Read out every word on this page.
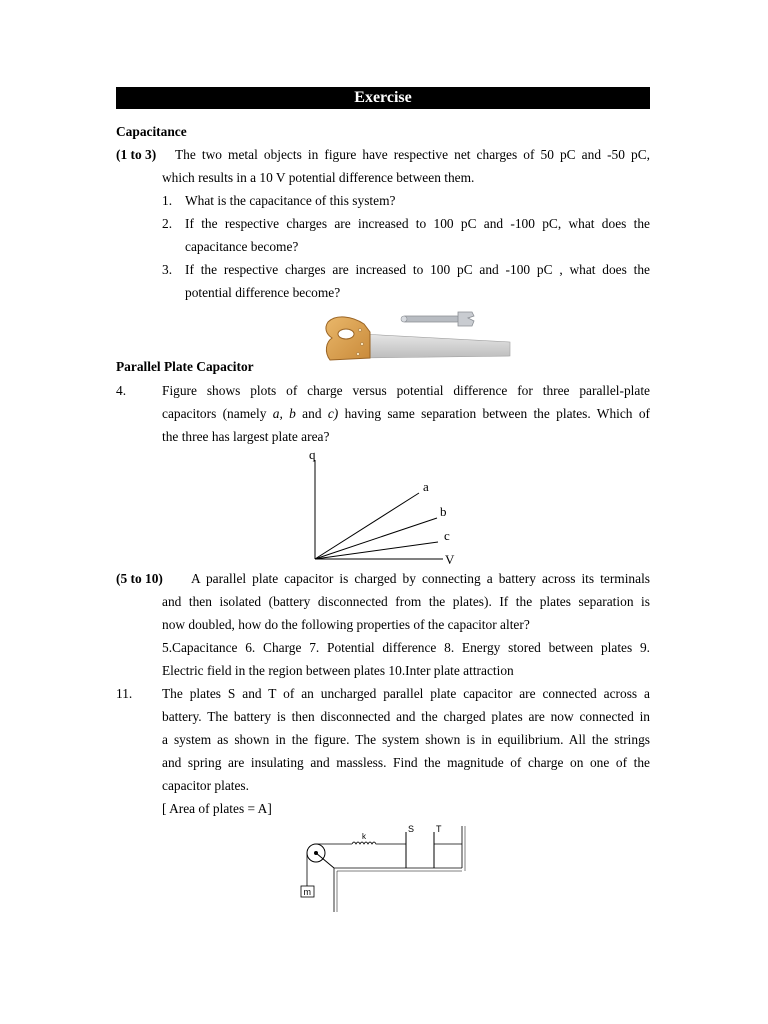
Exercise
Capacitance
(1 to 3) The two metal objects in figure have respective net charges of 50 pC and -50 pC,
which results in a 10 V potential difference between them.
1. What is the capacitance of this system?
2. If the respective charges are increased to 100 pC and -100 pC, what does the
capacitance become?
3. If the respective charges are increased to 100 pC and -100 pC , what does the
potential difference become?
Parallel Plate Capacitor
4.	Figure shows plots of charge versus potential difference for three parallel-plate
capacitors (namely a, b and c) having same separation between the plates. Which of
the three has largest plate area?
q
V
a
b
c
(5 to 10) A parallel plate capacitor is charged by connecting a battery across its terminals
and then isolated (battery disconnected from the plates). If the plates separation is
now doubled, how do the following properties of the capacitor alter?
5.Capacitance 6. Charge 7. Potential difference 8. Energy stored between plates 9.
Electric field in the region between plates 10.Inter plate attraction
11. The plates S and T of an uncharged parallel plate capacitor are connected across a
battery. The battery is then disconnected and the charged plates are now connected in
a system as shown in the figure. The system shown is in equilibrium. All the strings
and spring are insulating and massless. Find the magnitude of charge on one of the
capacitor plates.
[ Area of plates = A]
m
k
S T
